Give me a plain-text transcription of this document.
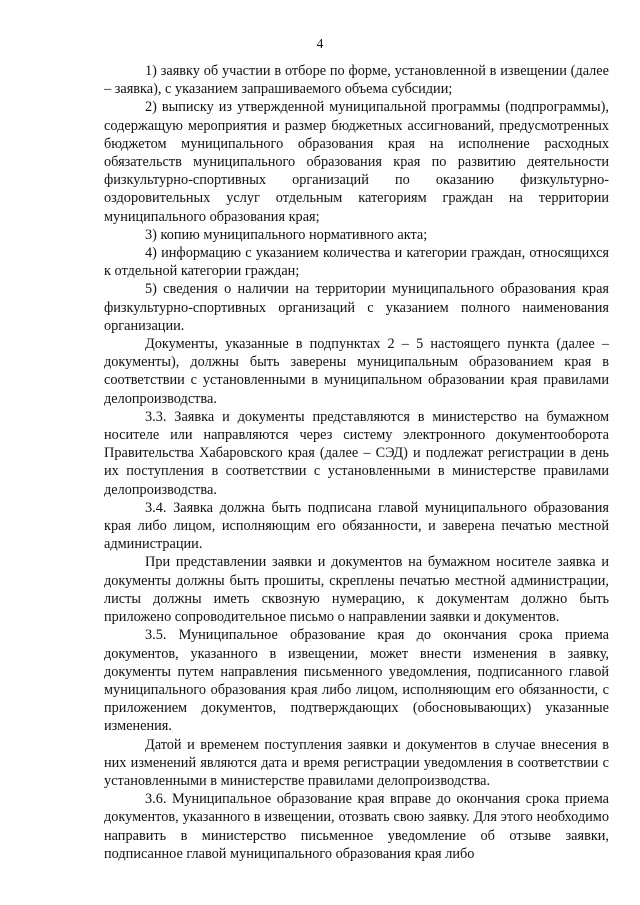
4

1) заявку об участии в отборе по форме, установленной в извещении (далее – заявка), с указанием запрашиваемого объема субсидии;

2) выписку из утвержденной муниципальной программы (подпрограммы), содержащую мероприятия и размер бюджетных ассигнований, предусмотренных бюджетом муниципального образования края на исполнение расходных обязательств муниципального образования края по развитию деятельности физкультурно-спортивных организаций по оказанию физкультурно-оздоровительных услуг отдельным категориям граждан на территории муниципального образования края;

3) копию муниципального нормативного акта;

4) информацию с указанием количества и категории граждан, относящихся к отдельной категории граждан;

5) сведения о наличии на территории муниципального образования края физкультурно-спортивных организаций с указанием полного наименования организации.

Документы, указанные в подпунктах 2 – 5 настоящего пункта (далее – документы), должны быть заверены муниципальным образованием края в соответствии с установленными в муниципальном образовании края правилами делопроизводства.

3.3. Заявка и документы представляются в министерство на бумажном носителе или направляются через систему электронного документооборота Правительства Хабаровского края (далее – СЭД) и подлежат регистрации в день их поступления в соответствии с установленными в министерстве правилами делопроизводства.

3.4. Заявка должна быть подписана главой муниципального образования края либо лицом, исполняющим его обязанности, и заверена печатью местной администрации.

При представлении заявки и документов на бумажном носителе заявка и документы должны быть прошиты, скреплены печатью местной администрации, листы должны иметь сквозную нумерацию, к документам должно быть приложено сопроводительное письмо о направлении заявки и документов.

3.5. Муниципальное образование края до окончания срока приема документов, указанного в извещении, может внести изменения в заявку, документы путем направления письменного уведомления, подписанного главой муниципального образования края либо лицом, исполняющим его обязанности, с приложением документов, подтверждающих (обосновывающих) указанные изменения.

Датой и временем поступления заявки и документов в случае внесения в них изменений являются дата и время регистрации уведомления в соответствии с установленными в министерстве правилами делопроизводства.

3.6. Муниципальное образование края вправе до окончания срока приема документов, указанного в извещении, отозвать свою заявку. Для этого необходимо направить в министерство письменное уведомление об отзыве заявки, подписанное главой муниципального образования края либо
